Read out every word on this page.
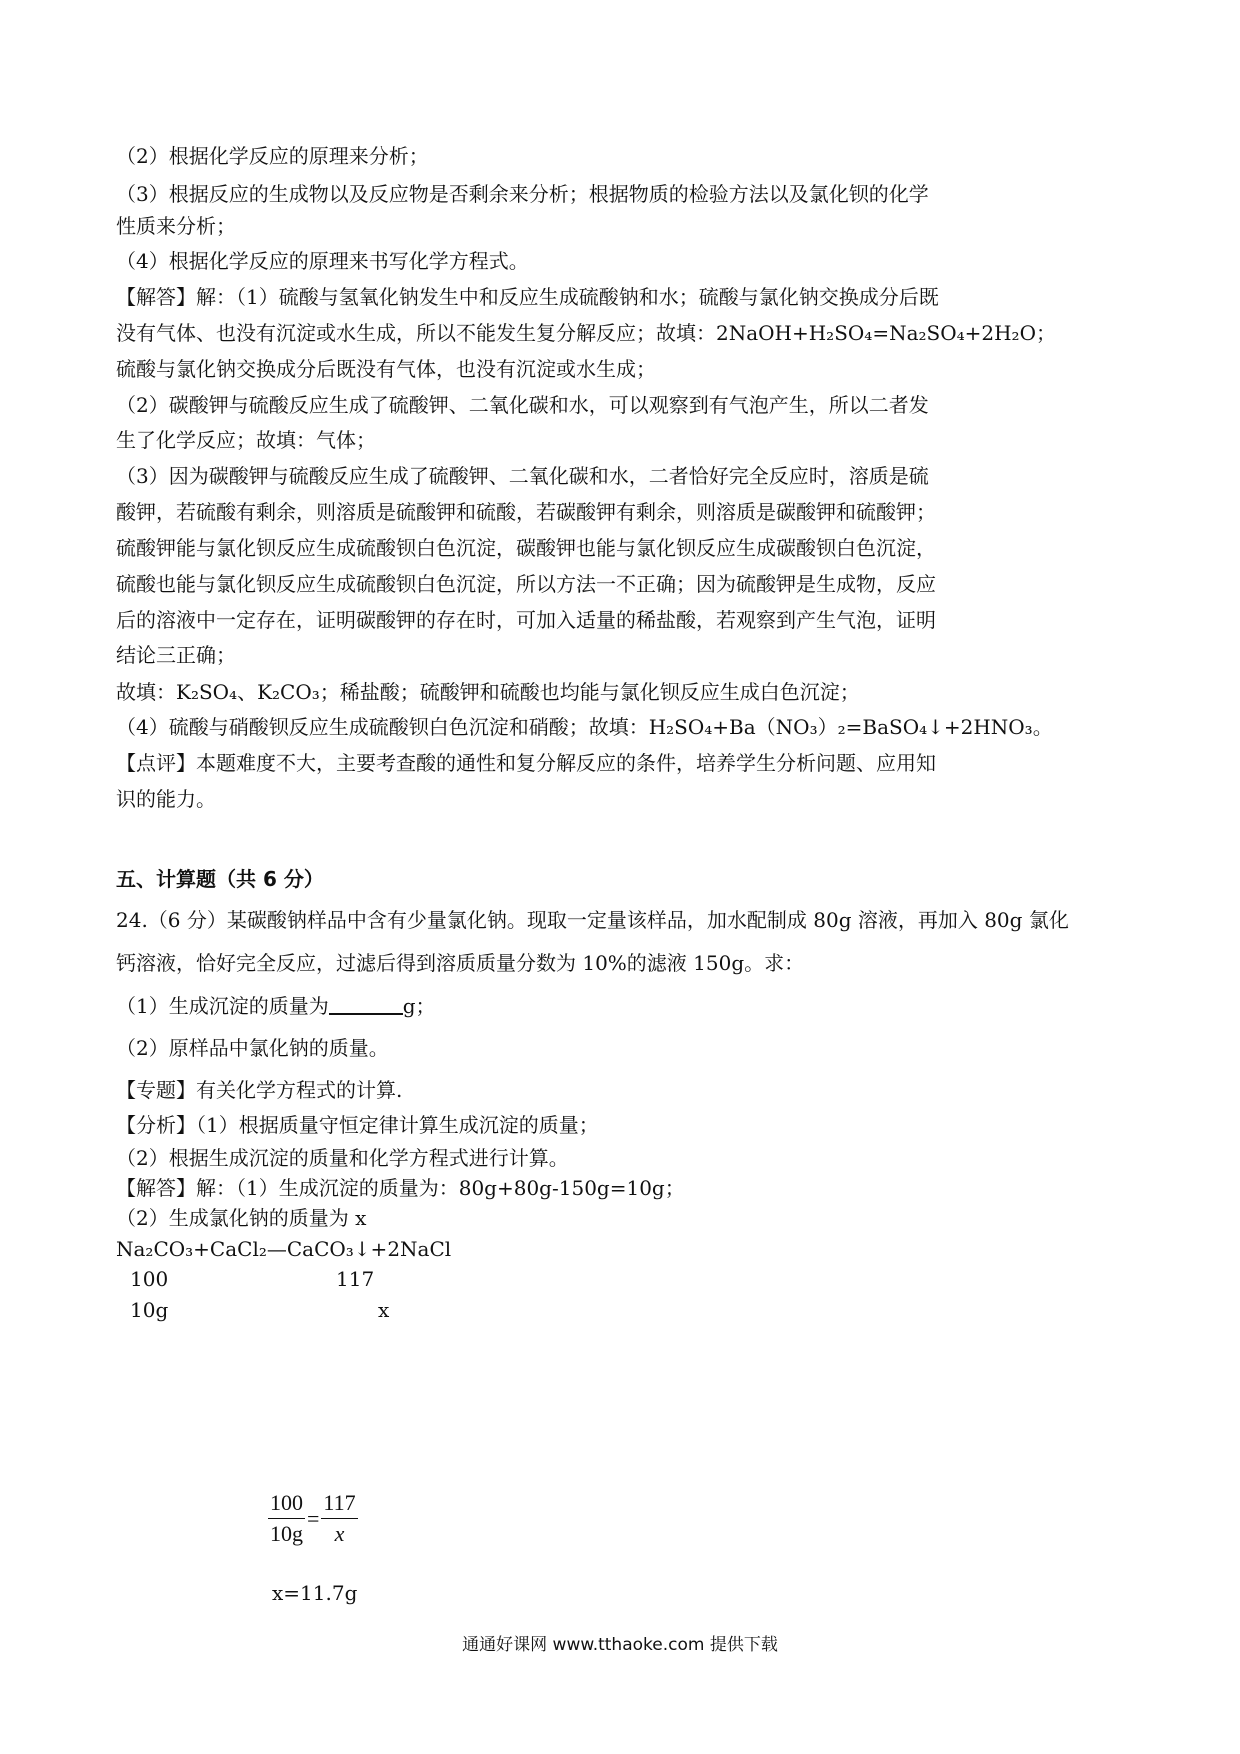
（2）根据化学反应的原理来分析；
（3）根据反应的生成物以及反应物是否剩余来分析；根据物质的检验方法以及氯化钡的化学
性质来分析；
（4）根据化学反应的原理来书写化学方程式。
【解答】解：（1）硫酸与氢氧化钠发生中和反应生成硫酸钠和水；硫酸与氯化钠交换成分后既
没有气体、也没有沉淀或水生成，所以不能发生复分解反应；故填：2NaOH+H₂SO₄=Na₂SO₄+2H₂O；
硫酸与氯化钠交换成分后既没有气体，也没有沉淀或水生成；
（2）碳酸钾与硫酸反应生成了硫酸钾、二氧化碳和水，可以观察到有气泡产生，所以二者发
生了化学反应；故填：气体；
（3）因为碳酸钾与硫酸反应生成了硫酸钾、二氧化碳和水，二者恰好完全反应时，溶质是硫
酸钾，若硫酸有剩余，则溶质是硫酸钾和硫酸，若碳酸钾有剩余，则溶质是碳酸钾和硫酸钾；
硫酸钾能与氯化钡反应生成硫酸钡白色沉淀，碳酸钾也能与氯化钡反应生成碳酸钡白色沉淀，
硫酸也能与氯化钡反应生成硫酸钡白色沉淀，所以方法一不正确；因为硫酸钾是生成物，反应
后的溶液中一定存在，证明碳酸钾的存在时，可加入适量的稀盐酸，若观察到产生气泡，证明
结论三正确；
故填：K₂SO₄、K₂CO₃；稀盐酸；硫酸钾和硫酸也均能与氯化钡反应生成白色沉淀；
（4）硫酸与硝酸钡反应生成硫酸钡白色沉淀和硝酸；故填：H₂SO₄+Ba（NO₃）₂=BaSO₄↓+2HNO₃。
【点评】本题难度不大，主要考查酸的通性和复分解反应的条件，培养学生分析问题、应用知
识的能力。
五、计算题（共 6 分）
24.（6 分）某碳酸钠样品中含有少量氯化钠。现取一定量该样品，加水配制成 80g 溶液，再加入 80g 氯化
钙溶液，恰好完全反应，过滤后得到溶质质量分数为 10%的滤液 150g。求：
（1）生成沉淀的质量为	g；
（2）原样品中氯化钠的质量。
【专题】有关化学方程式的计算.
【分析】（1）根据质量守恒定律计算生成沉淀的质量；
（2）根据生成沉淀的质量和化学方程式进行计算。
【解答】解：（1）生成沉淀的质量为：80g+80g-150g=10g；
（2）生成氯化钠的质量为 x
Na₂CO₃+CaCl₂—CaCO₃↓+2NaCl
100	117
10g	x
$\frac{100}{10g} = \frac{117}{x}$
x=11.7g
通通好课网 www.tthaoke.com 提供下载
